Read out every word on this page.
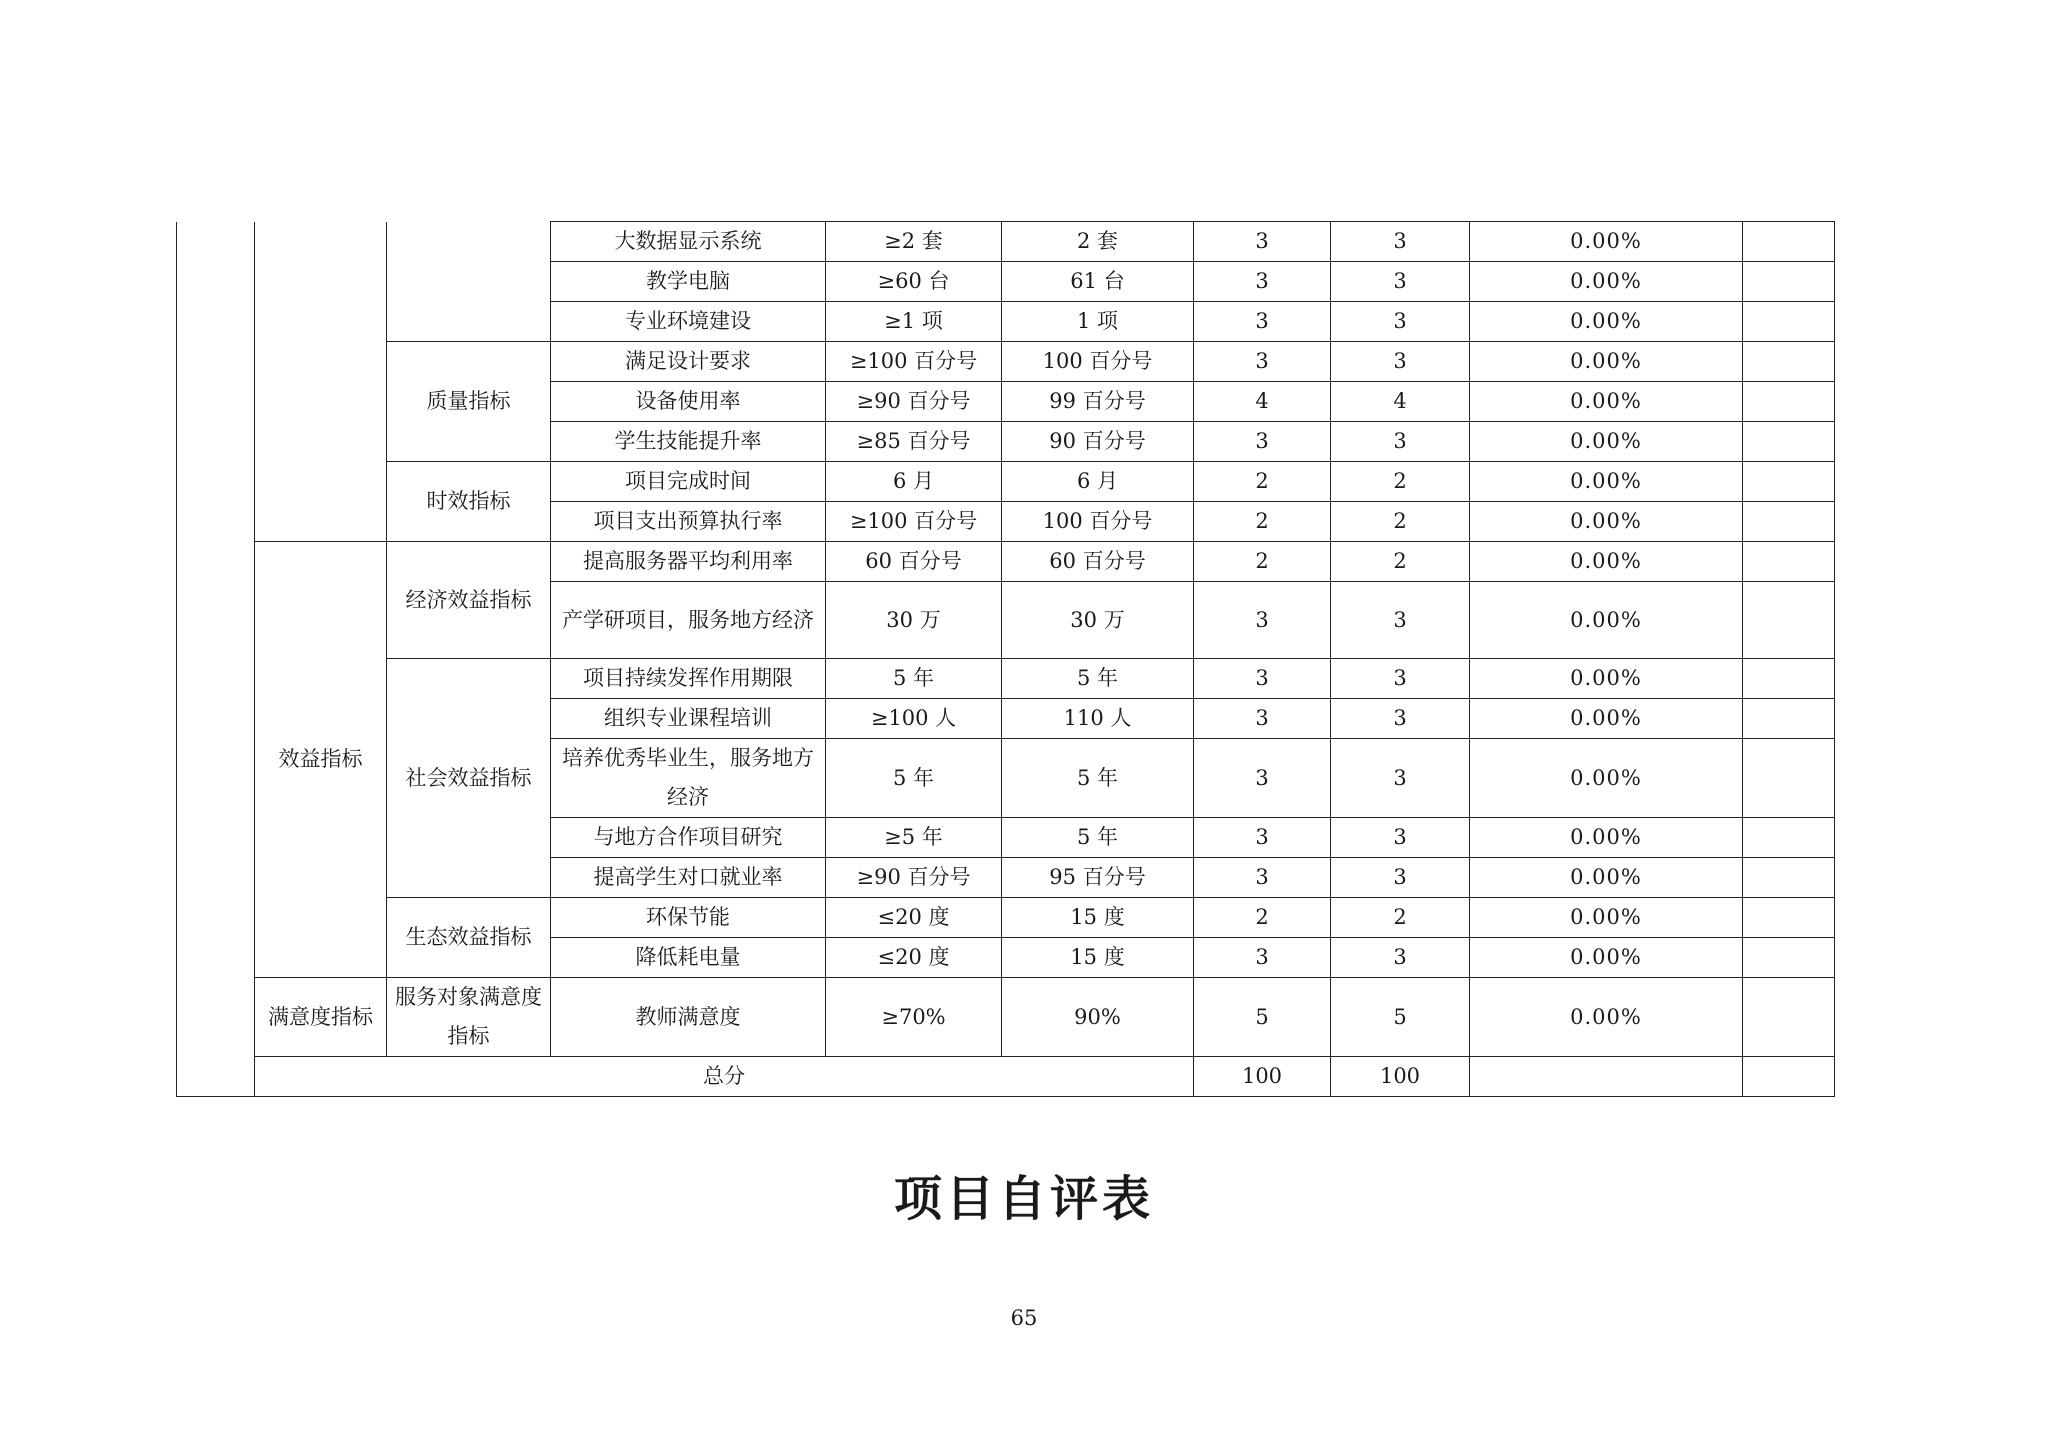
			大数据显示系统	≥2 套	2 套	3	3	0.00%	
			教学电脑	≥60 台	61 台	3	3	0.00%	
			专业环境建设	≥1 项	1 项	3	3	0.00%	
		质量指标	满足设计要求	≥100 百分号	100 百分号	3	3	0.00%	
			设备使用率	≥90 百分号	99 百分号	4	4	0.00%	
			学生技能提升率	≥85 百分号	90 百分号	3	3	0.00%	
		时效指标	项目完成时间	6 月	6 月	2	2	0.00%	
			项目支出预算执行率	≥100 百分号	100 百分号	2	2	0.00%	
	效益指标	经济效益指标	提高服务器平均利用率	60 百分号	60 百分号	2	2	0.00%	
			产学研项目，服务地方经济	30 万	30 万	3	3	0.00%	
		社会效益指标	项目持续发挥作用期限	5 年	5 年	3	3	0.00%	
			组织专业课程培训	≥100 人	110 人	3	3	0.00%	
			培养优秀毕业生，服务地方经济	5 年	5 年	3	3	0.00%	
			与地方合作项目研究	≥5 年	5 年	3	3	0.00%	
			提高学生对口就业率	≥90 百分号	95 百分号	3	3	0.00%	
		生态效益指标	环保节能	≤20 度	15 度	2	2	0.00%	
			降低耗电量	≤20 度	15 度	3	3	0.00%	
	满意度指标	服务对象满意度指标	教师满意度	≥70%	90%	5	5	0.00%	
	总分					100	100		
项目自评表
65
